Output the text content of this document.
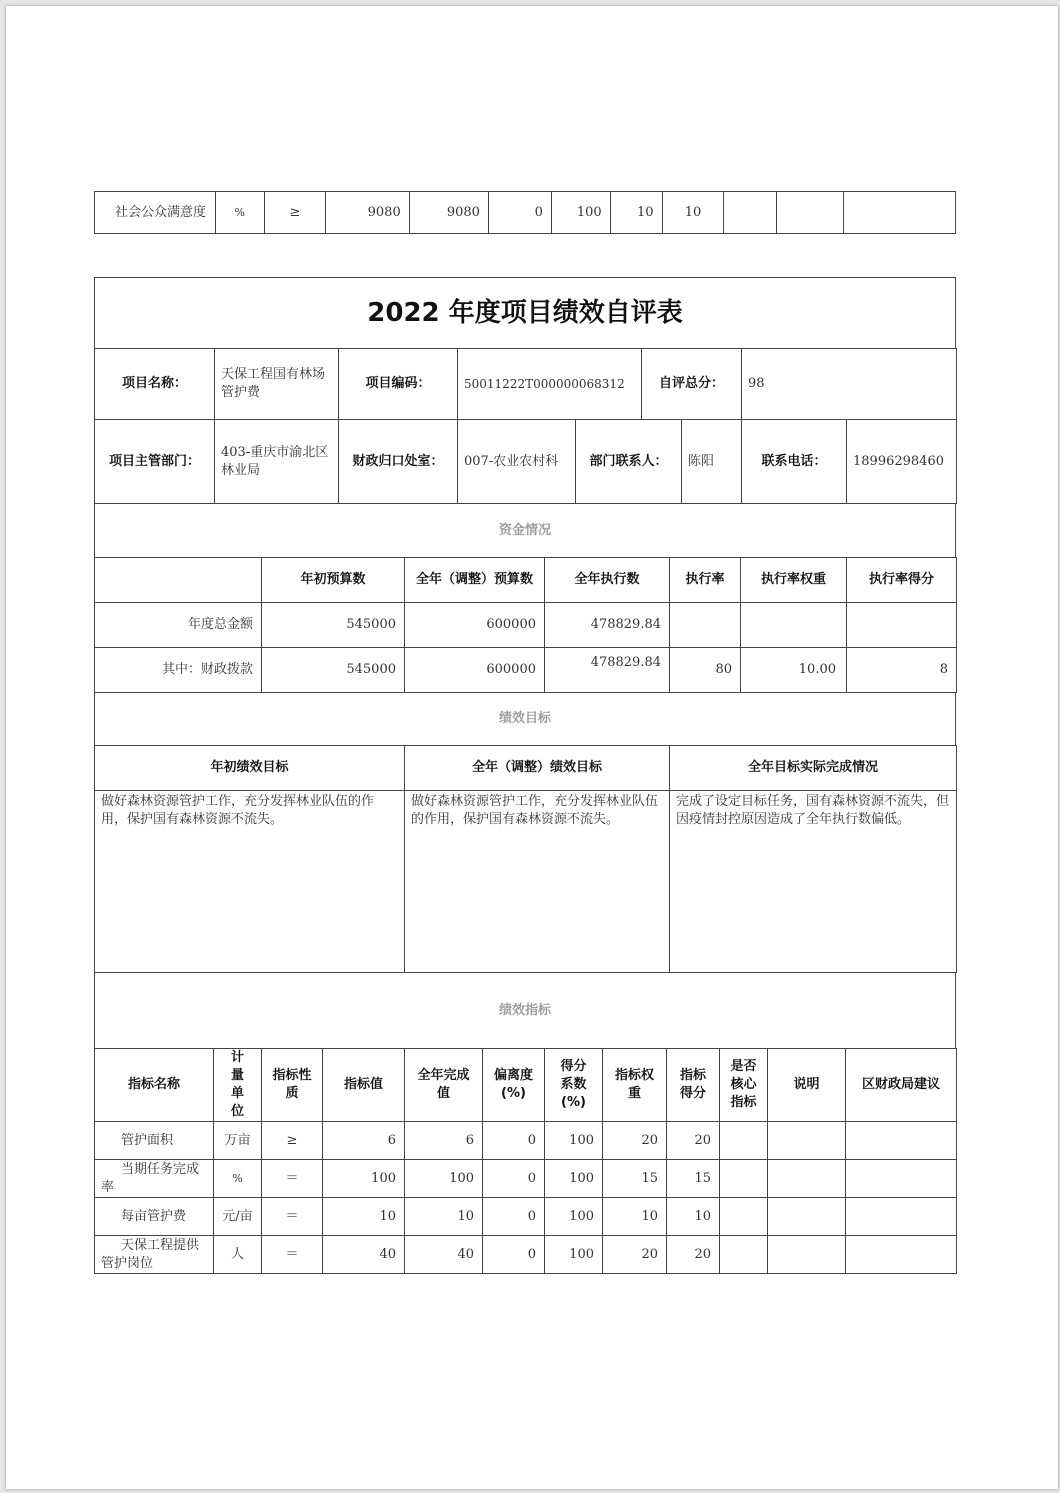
社会公众满意度	%	≥	9080	9080	0	100	10	10			
2022 年度项目绩效自评表
项目名称：	天保工程国有林场管护费	项目编码：	50011222T000000068312	自评总分：	98
项目主管部门：	403-重庆市渝北区林业局	财政归口处室：	007-农业农村科	部门联系人：	陈阳	联系电话：	18996298460
资金情况
	年初预算数	全年（调整）预算数	全年执行数	执行率	执行率权重	执行率得分
年度总金额	545000	600000	478829.84			
其中：财政拨款	545000	600000	478829.84	80	10.00	8
绩效目标
年初绩效目标	全年（调整）绩效目标	全年目标实际完成情况
做好森林资源管护工作，充分发挥林业队伍的作用，保护国有森林资源不流失。	做好森林资源管护工作，充分发挥林业队伍的作用，保护国有森林资源不流失。	完成了设定目标任务，国有森林资源不流失，但因疫情封控原因造成了全年执行数偏低。
绩效指标
指标名称	计量单位	指标性质	指标值	全年完成值	偏离度(%)	得分系数(%)	指标权重	指标得分	是否核心指标	说明	区财政局建议
管护面积	万亩	≥	6	6	0	100	20	20			
当期任务完成率	%	＝	100	100	0	100	15	15			
每亩管护费	元/亩	＝	10	10	0	100	10	10			
天保工程提供管护岗位	人	＝	40	40	0	100	20	20			
